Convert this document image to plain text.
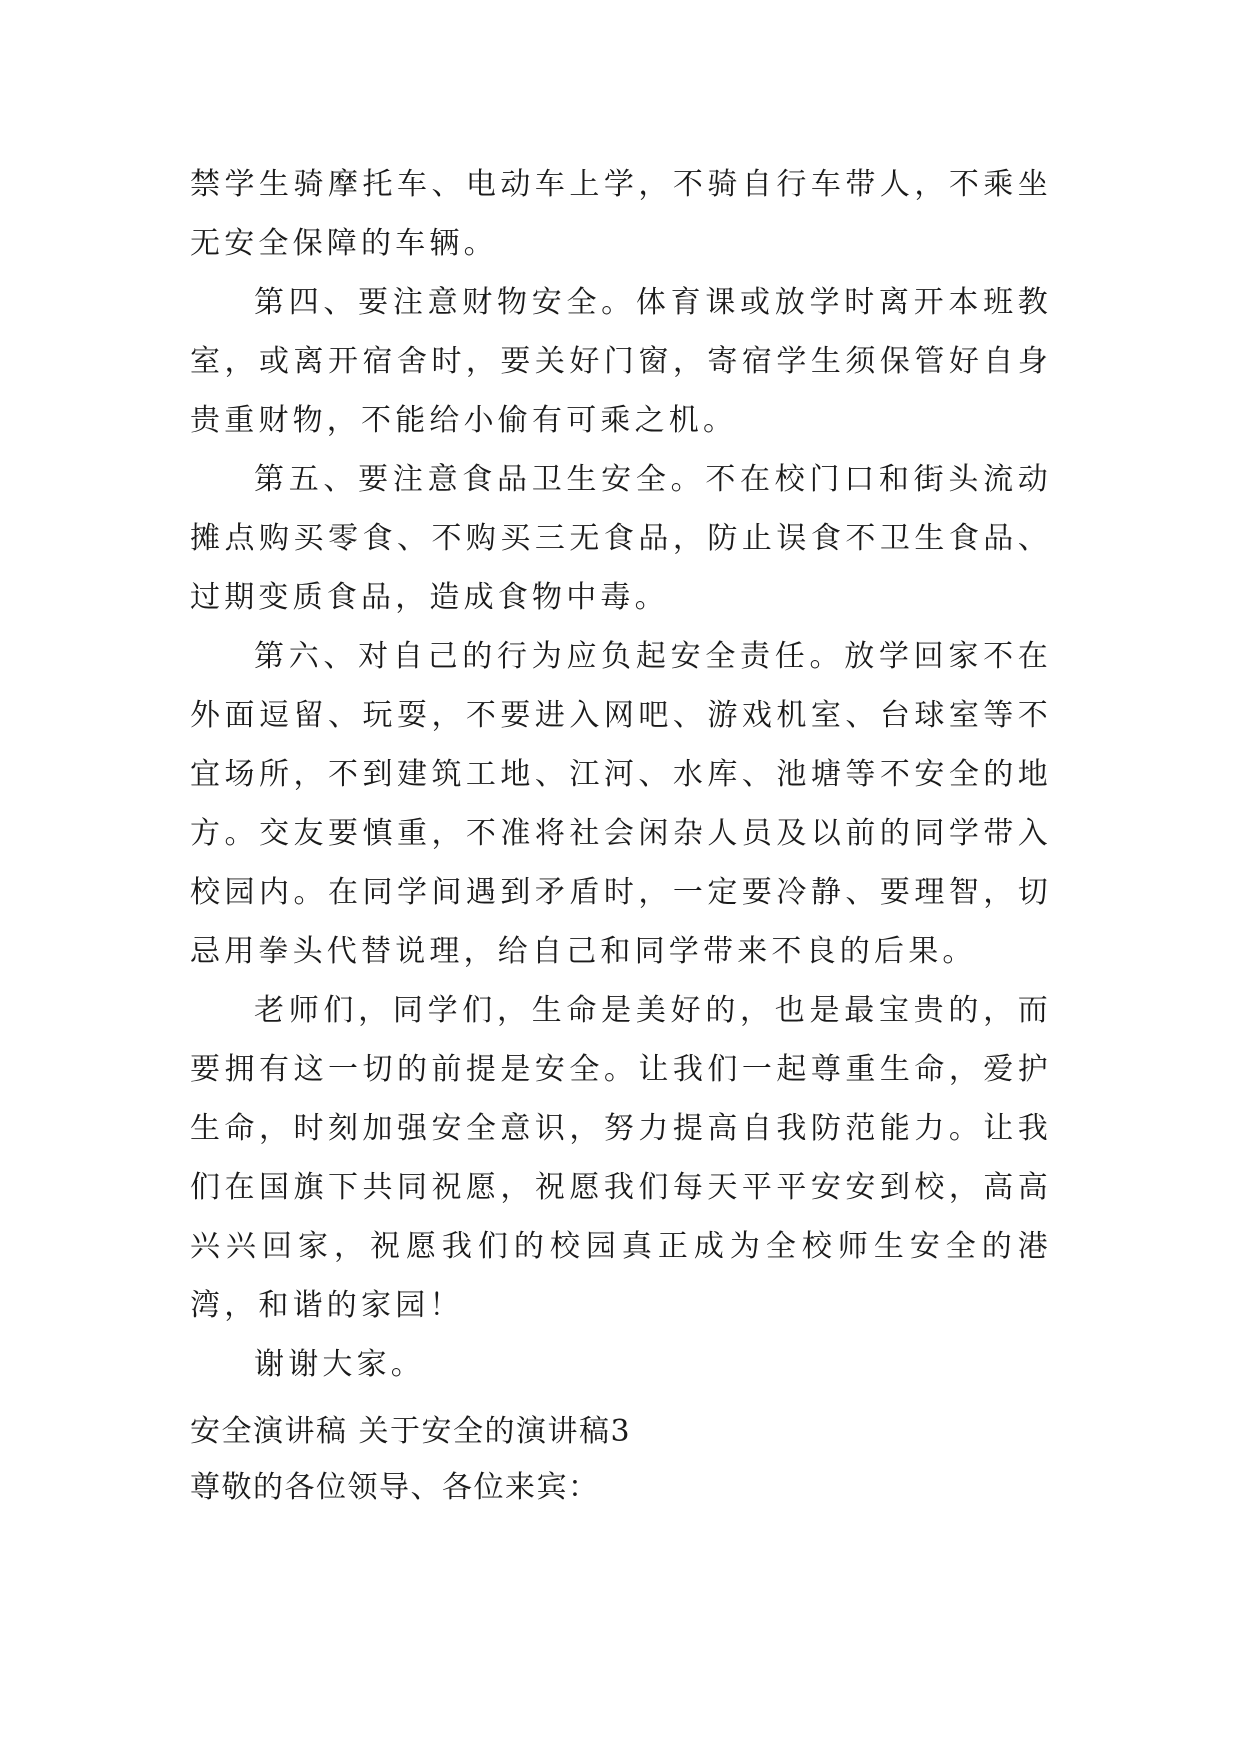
禁学生骑摩托车、电动车上学，不骑自行车带人，不乘坐无安全保障的车辆。

第四、要注意财物安全。体育课或放学时离开本班教室，或离开宿舍时，要关好门窗，寄宿学生须保管好自身贵重财物，不能给小偷有可乘之机。

第五、要注意食品卫生安全。不在校门口和街头流动摊点购买零食、不购买三无食品，防止误食不卫生食品、过期变质食品，造成食物中毒。

第六、对自己的行为应负起安全责任。放学回家不在外面逗留、玩耍，不要进入网吧、游戏机室、台球室等不宜场所，不到建筑工地、江河、水库、池塘等不安全的地方。交友要慎重，不准将社会闲杂人员及以前的同学带入校园内。在同学间遇到矛盾时，一定要冷静、要理智，切忌用拳头代替说理，给自己和同学带来不良的后果。

老师们，同学们，生命是美好的，也是最宝贵的，而要拥有这一切的前提是安全。让我们一起尊重生命，爱护生命，时刻加强安全意识，努力提高自我防范能力。让我们在国旗下共同祝愿，祝愿我们每天平平安安到校，高高兴兴回家，祝愿我们的校园真正成为全校师生安全的港湾，和谐的家园！

谢谢大家。

安全演讲稿 关于安全的演讲稿3

尊敬的各位领导、各位来宾：
